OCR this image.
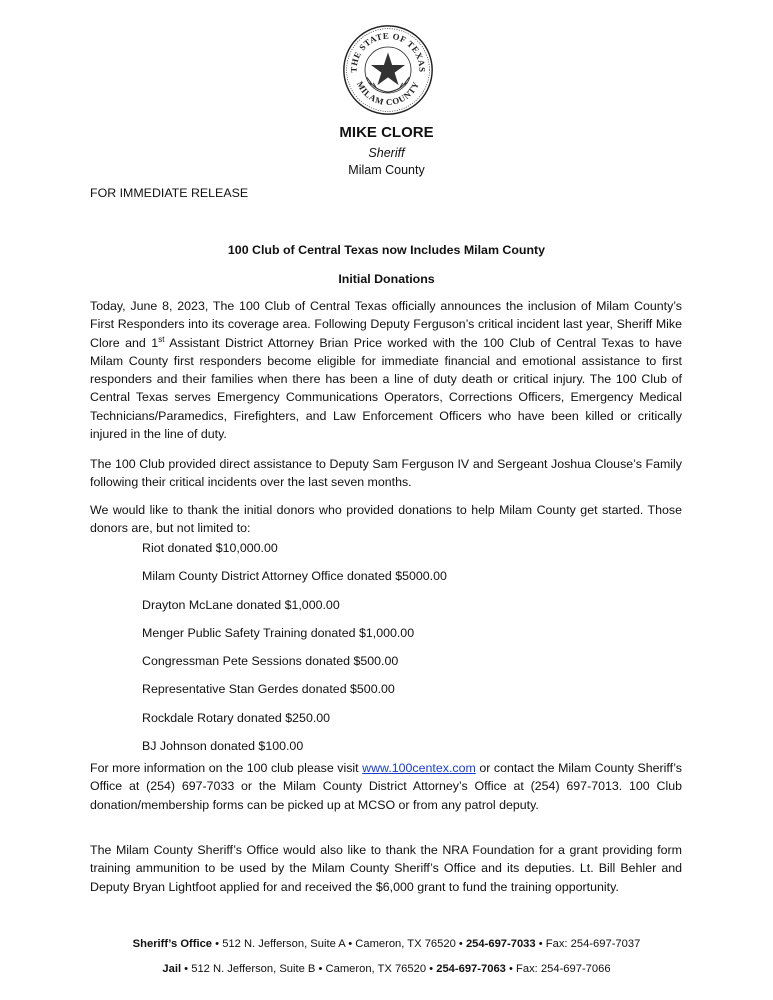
THE STATE OF TEXAS
MILAM COUNTY
MIKE CLORE
Sheriff
Milam County
FOR IMMEDIATE RELEASE
100 Club of Central Texas now Includes Milam County
Initial Donations

Today, June 8, 2023, The 100 Club of Central Texas officially announces the inclusion of Milam County’s First Responders into its coverage area. Following Deputy Ferguson’s critical incident last year, Sheriff Mike Clore and 1st Assistant District Attorney Brian Price worked with the 100 Club of Central Texas to have Milam County first responders become eligible for immediate financial and emotional assistance to first responders and their families when there has been a line of duty death or critical injury. The 100 Club of Central Texas serves Emergency Communications Operators, Corrections Officers, Emergency Medical Technicians/Paramedics, Firefighters, and Law Enforcement Officers who have been killed or critically injured in the line of duty.

The 100 Club provided direct assistance to Deputy Sam Ferguson IV and Sergeant Joshua Clouse’s Family following their critical incidents over the last seven months.

We would like to thank the initial donors who provided donations to help Milam County get started. Those donors are, but not limited to:

Riot donated $10,000.00
Milam County District Attorney Office donated $5000.00
Drayton McLane donated $1,000.00
Menger Public Safety Training donated $1,000.00
Congressman Pete Sessions donated $500.00
Representative Stan Gerdes donated $500.00
Rockdale Rotary donated $250.00
BJ Johnson donated $100.00

For more information on the 100 club please visit www.100centex.com or contact the Milam County Sheriff’s Office at (254) 697-7033 or the Milam County District Attorney’s Office at (254) 697-7013. 100 Club donation/membership forms can be picked up at MCSO or from any patrol deputy.

The Milam County Sheriff’s Office would also like to thank the NRA Foundation for a grant providing form training ammunition to be used by the Milam County Sheriff’s Office and its deputies. Lt. Bill Behler and Deputy Bryan Lightfoot applied for and received the $6,000 grant to fund the training opportunity.

Sheriff’s Office • 512 N. Jefferson, Suite A • Cameron, TX 76520 • 254-697-7033 • Fax: 254-697-7037
Jail • 512 N. Jefferson, Suite B • Cameron, TX 76520 • 254-697-7063 • Fax: 254-697-7066
